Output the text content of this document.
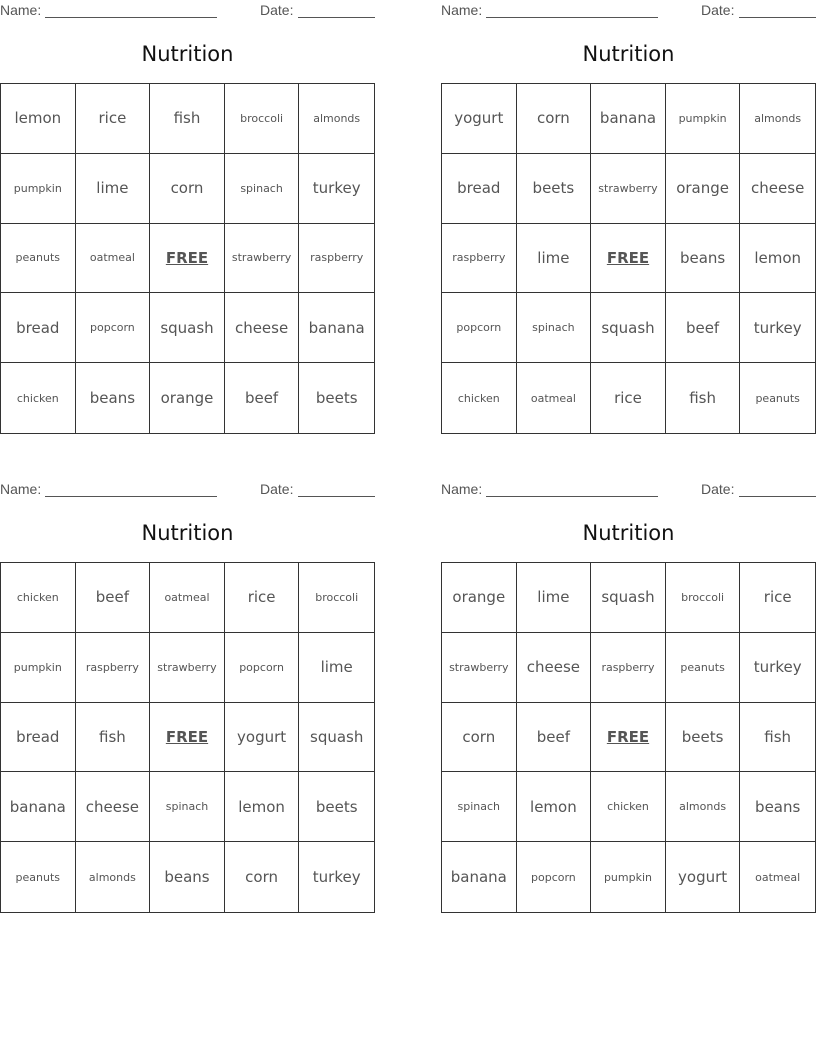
Name:	Date:
Nutrition
lemon	rice	fish	broccoli	almonds
pumpkin	lime	corn	spinach	turkey
peanuts	oatmeal	FREE	strawberry	raspberry
bread	popcorn	squash	cheese	banana
chicken	beans	orange	beef	beets
Name:	Date:
Nutrition
yogurt	corn	banana	pumpkin	almonds
bread	beets	strawberry	orange	cheese
raspberry	lime	FREE	beans	lemon
popcorn	spinach	squash	beef	turkey
chicken	oatmeal	rice	fish	peanuts
Name:	Date:
Nutrition
chicken	beef	oatmeal	rice	broccoli
pumpkin	raspberry	strawberry	popcorn	lime
bread	fish	FREE	yogurt	squash
banana	cheese	spinach	lemon	beets
peanuts	almonds	beans	corn	turkey
Name:	Date:
Nutrition
orange	lime	squash	broccoli	rice
strawberry	cheese	raspberry	peanuts	turkey
corn	beef	FREE	beets	fish
spinach	lemon	chicken	almonds	beans
banana	popcorn	pumpkin	yogurt	oatmeal
